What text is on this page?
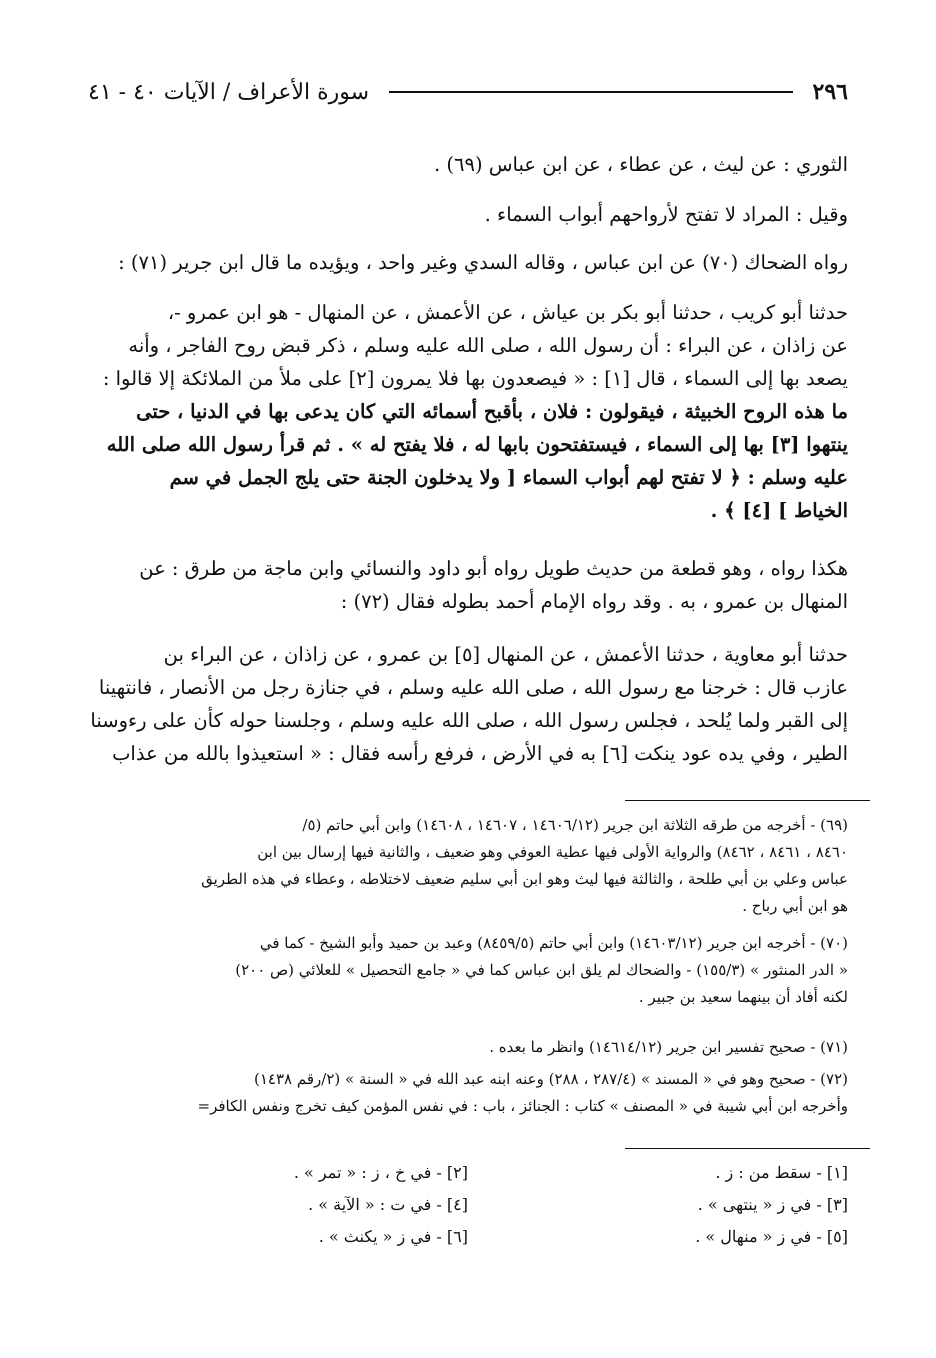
٢٩٦
سورة الأعراف / الآيات ٤٠ - ٤١
الثوري : عن ليث ، عن عطاء ، عن ابن عباس (٦٩) .
وقيل : المراد لا تفتح لأرواحهم أبواب السماء .
رواه الضحاك (٧٠) عن ابن عباس ، وقاله السدي وغير واحد ، ويؤيده ما قال ابن جرير (٧١) :
حدثنا أبو كريب ، حدثنا أبو بكر بن عياش ، عن الأعمش ، عن المنهال - هو ابن عمرو -،
عن زاذان ، عن البراء : أن رسول الله ، صلى الله عليه وسلم ، ذكر قبض روح الفاجر ، وأنه
يصعد بها إلى السماء ، قال [١] : « فيصعدون بها فلا يمرون [٢] على ملأ من الملائكة إلا قالوا :
ما هذه الروح الخبيثة ، فيقولون : فلان ، بأقبح أسمائه التي كان يدعى بها في الدنيا ، حتى
ينتهوا [٣] بها إلى السماء ، فيستفتحون بابها له ، فلا يفتح له » . ثم قرأ رسول الله صلى الله
عليه وسلم : ﴿ لا تفتح لهم أبواب السماء [ ولا يدخلون الجنة حتى يلج الجمل في سم
الخياط ] [٤] ﴾ .
هكذا رواه ، وهو قطعة من حديث طويل رواه أبو داود والنسائي وابن ماجة من طرق : عن
المنهال بن عمرو ، به . وقد رواه الإمام أحمد بطوله فقال (٧٢) :
حدثنا أبو معاوية ، حدثنا الأعمش ، عن المنهال [٥] بن عمرو ، عن زاذان ، عن البراء بن
عازب قال : خرجنا مع رسول الله ، صلى الله عليه وسلم ، في جنازة رجل من الأنصار ، فانتهينا
إلى القبر ولما يُلحد ، فجلس رسول الله ، صلى الله عليه وسلم ، وجلسنا حوله كأن على رءوسنا
الطير ، وفي يده عود ينكت [٦] به في الأرض ، فرفع رأسه فقال : « استعيذوا بالله من عذاب
(٦٩) - أخرجه من طرقه الثلاثة ابن جرير (١٤٦٠٦/١٢ ، ١٤٦٠٧ ، ١٤٦٠٨) وابن أبي حاتم (٥/
٨٤٦٠ ، ٨٤٦١ ، ٨٤٦٢) والرواية الأولى فيها عطية العوفي وهو ضعيف ، والثانية فيها إرسال بين ابن
عباس وعلي بن أبي طلحة ، والثالثة فيها ليث وهو ابن أبي سليم ضعيف لاختلاطه ، وعطاء في هذه الطريق
هو ابن أبي رباح .
(٧٠) - أخرجه ابن جرير (١٤٦٠٣/١٢) وابن أبي حاتم (٨٤٥٩/٥) وعبد بن حميد وأبو الشيخ - كما في
« الدر المنثور » (١٥٥/٣) - والضحاك لم يلق ابن عباس كما في « جامع التحصيل » للعلائي (ص ٢٠٠)
لكنه أفاد أن بينهما سعيد بن جبير .
(٧١) - صحيح تفسير ابن جرير (١٤٦١٤/١٢) وانظر ما بعده .
(٧٢) - صحيح وهو في « المسند » (٢٨٧/٤ ، ٢٨٨) وعنه ابنه عبد الله في « السنة » (٢/رقم ١٤٣٨)
وأخرجه ابن أبي شيبة في « المصنف » كتاب : الجنائز ، باب : في نفس المؤمن كيف تخرج ونفس الكافر=
[١] - سقط من : ز .
[٢] - في خ ، ز : « تمر » .
[٣] - في ز « ينتهى » .
[٤] - في ت : « الآية » .
[٥] - في ز « منهال » .
[٦] - في ز « يكنث » .
